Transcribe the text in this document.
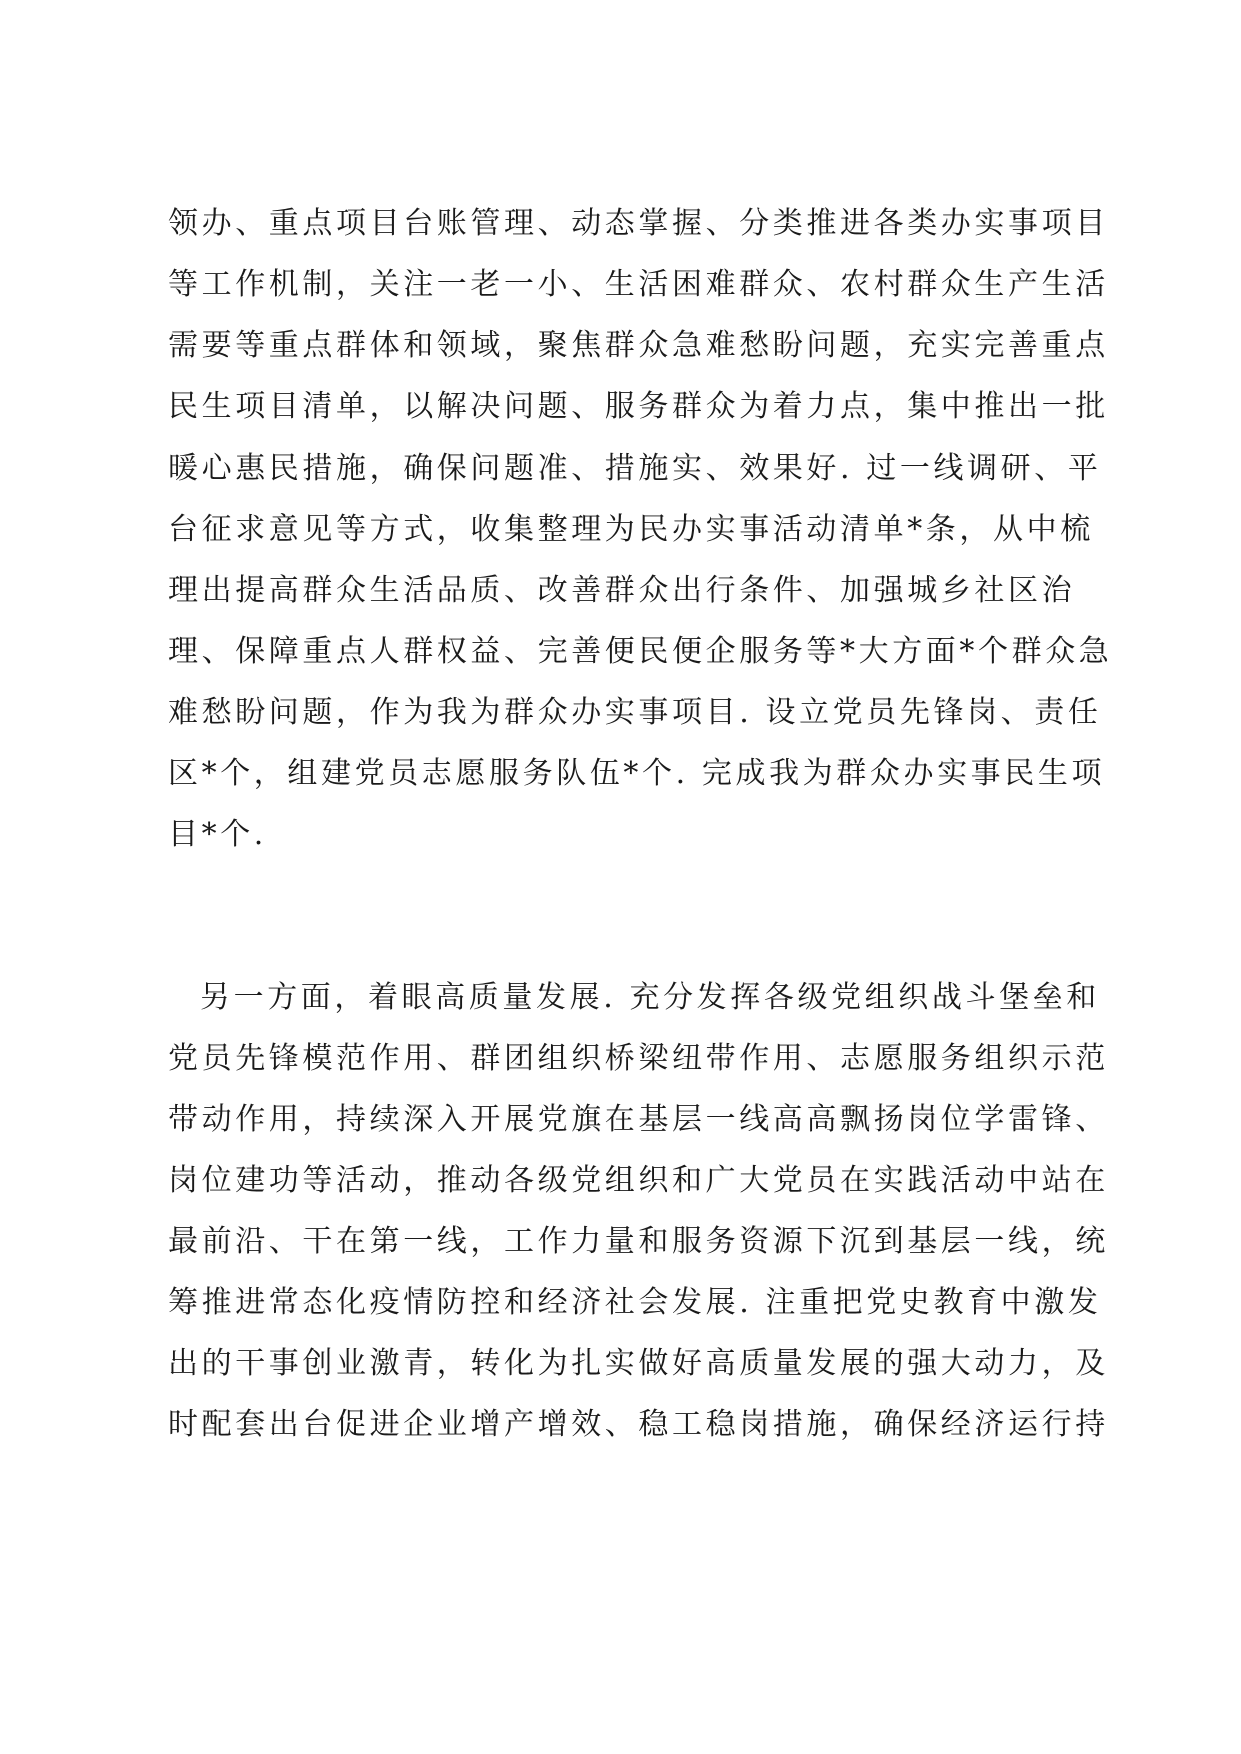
领办、重点项目台账管理、动态掌握、分类推进各类办实事项目
等工作机制，关注一老一小、生活困难群众、农村群众生产生活
需要等重点群体和领域，聚焦群众急难愁盼问题，充实完善重点
民生项目清单，以解决问题、服务群众为着力点，集中推出一批
暖心惠民措施，确保问题准、措施实、效果好. 过一线调研、平
台征求意见等方式，收集整理为民办实事活动清单*条，从中梳
理出提高群众生活品质、改善群众出行条件、加强城乡社区治
理、保障重点人群权益、完善便民便企服务等*大方面*个群众急
难愁盼问题，作为我为群众办实事项目. 设立党员先锋岗、责任
区*个，组建党员志愿服务队伍*个. 完成我为群众办实事民生项
目*个.
另一方面，着眼高质量发展. 充分发挥各级党组织战斗堡垒和
党员先锋模范作用、群团组织桥梁纽带作用、志愿服务组织示范
带动作用，持续深入开展党旗在基层一线高高飘扬岗位学雷锋、
岗位建功等活动，推动各级党组织和广大党员在实践活动中站在
最前沿、干在第一线，工作力量和服务资源下沉到基层一线，统
筹推进常态化疫情防控和经济社会发展. 注重把党史教育中激发
出的干事创业激青，转化为扎实做好高质量发展的强大动力，及
时配套出台促进企业增产增效、稳工稳岗措施，确保经济运行持
